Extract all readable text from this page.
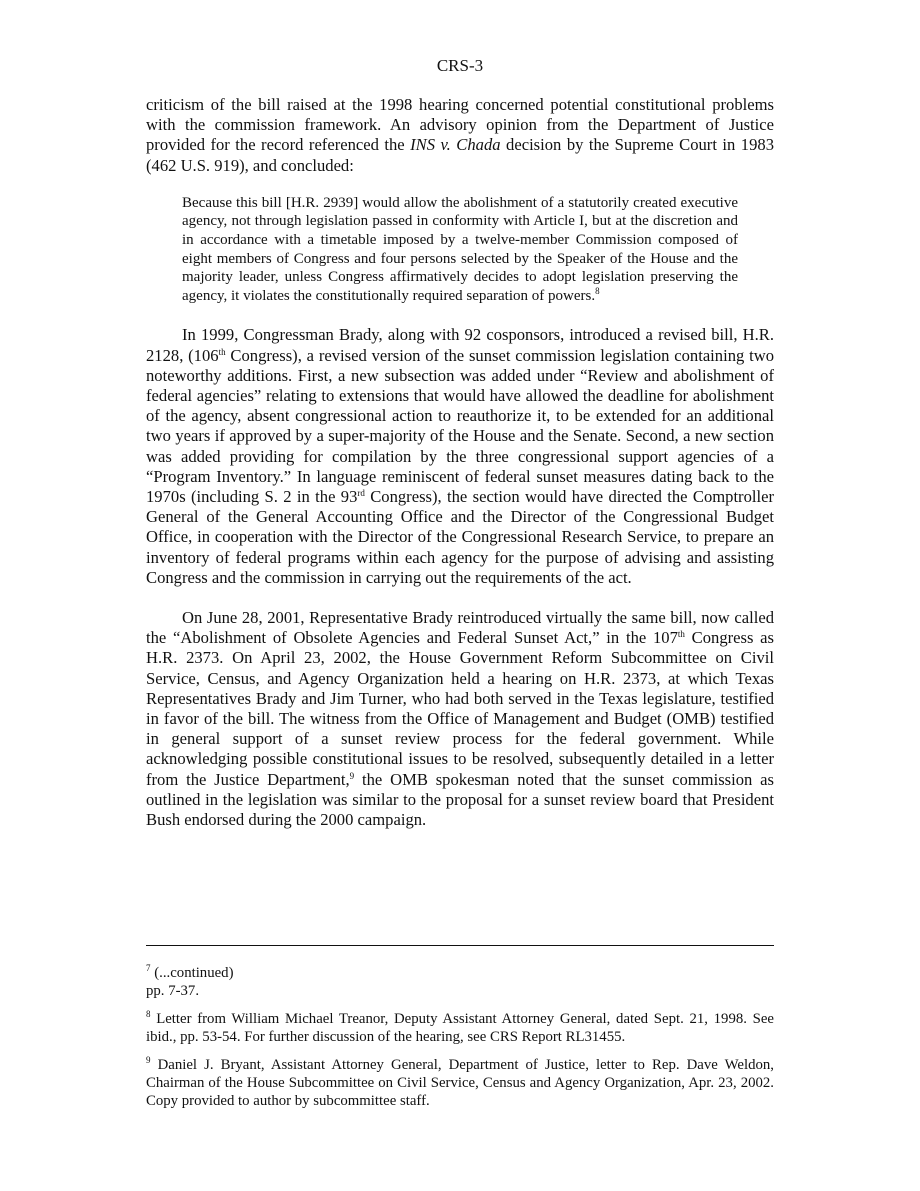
CRS-3

criticism of the bill raised at the 1998 hearing concerned potential constitutional problems with the commission framework. An advisory opinion from the Department of Justice provided for the record referenced the INS v. Chada decision by the Supreme Court in 1983 (462 U.S. 919), and concluded:

Because this bill [H.R. 2939] would allow the abolishment of a statutorily created executive agency, not through legislation passed in conformity with Article I, but at the discretion and in accordance with a timetable imposed by a twelve-member Commission composed of eight members of Congress and four persons selected by the Speaker of the House and the majority leader, unless Congress affirmatively decides to adopt legislation preserving the agency, it violates the constitutionally required separation of powers.$^8$

In 1999, Congressman Brady, along with 92 cosponsors, introduced a revised bill, H.R. 2128, (106th Congress), a revised version of the sunset commission legislation containing two noteworthy additions. First, a new subsection was added under “Review and abolishment of federal agencies” relating to extensions that would have allowed the deadline for abolishment of the agency, absent congressional action to reauthorize it, to be extended for an additional two years if approved by a super-majority of the House and the Senate. Second, a new section was added providing for compilation by the three congressional support agencies of a “Program Inventory.” In language reminiscent of federal sunset measures dating back to the 1970s (including S. 2 in the 93rd Congress), the section would have directed the Comptroller General of the General Accounting Office and the Director of the Congressional Budget Office, in cooperation with the Director of the Congressional Research Service, to prepare an inventory of federal programs within each agency for the purpose of advising and assisting Congress and the commission in carrying out the requirements of the act.

On June 28, 2001, Representative Brady reintroduced virtually the same bill, now called the “Abolishment of Obsolete Agencies and Federal Sunset Act,” in the 107th Congress as H.R. 2373. On April 23, 2002, the House Government Reform Subcommittee on Civil Service, Census, and Agency Organization held a hearing on H.R. 2373, at which Texas Representatives Brady and Jim Turner, who had both served in the Texas legislature, testified in favor of the bill. The witness from the Office of Management and Budget (OMB) testified in general support of a sunset review process for the federal government. While acknowledging possible constitutional issues to be resolved, subsequently detailed in a letter from the Justice Department,$^9$ the OMB spokesman noted that the sunset commission as outlined in the legislation was similar to the proposal for a sunset review board that President Bush endorsed during the 2000 campaign.

$^7$ (...continued)

pp. 7-37.

$^8$ Letter from William Michael Treanor, Deputy Assistant Attorney General, dated Sept. 21, 1998. See ibid., pp. 53-54. For further discussion of the hearing, see CRS Report RL31455.

$^9$ Daniel J. Bryant, Assistant Attorney General, Department of Justice, letter to Rep. Dave Weldon, Chairman of the House Subcommittee on Civil Service, Census and Agency Organization, Apr. 23, 2002. Copy provided to author by subcommittee staff.
